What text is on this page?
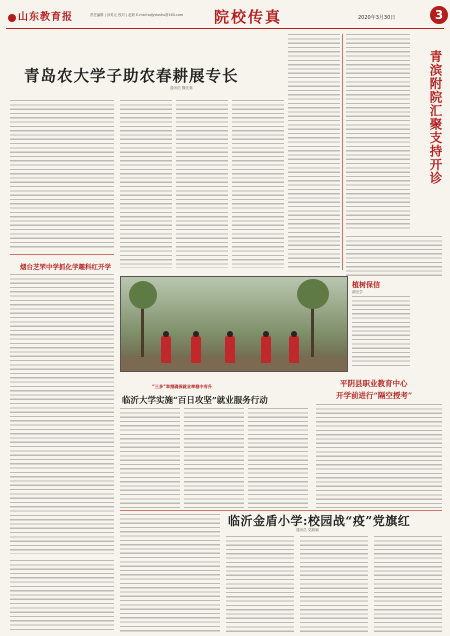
山东教育报	责任编辑 | 孙英元 校对 | 赵莉 E-mail:sdjydushu@163.com 院校传真	2020年3月30日	3
青岛农大学子助农春耕展专长
通讯员 魏先秦	青滨附院汇聚支持开诊
烟台芝罘中学抓化学趣科红开学
植树保信
湖光学
平阴县职业教育中心
开学前进行“隔空授考”
“三多”举措确保就业率稳中有升
临沂大学实施“百日攻坚”就业服务行动
临沂金盾小学:校园战“疫”党旗红
通讯员 党聪颖
